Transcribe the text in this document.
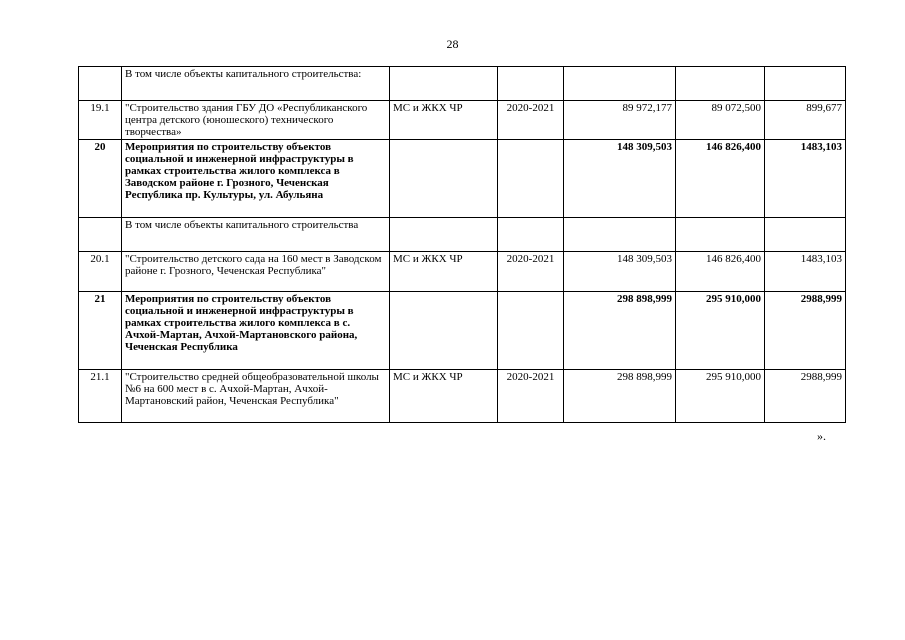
28
	В том числе объекты капитального строительства:					
19.1	"Строительство здания ГБУ ДО «Республиканского центра детского (юношеского) технического творчества»	МС и ЖКХ ЧР	2020-2021	89 972,177	89 072,500	899,677
20	Мероприятия по строительству объектов социальной и инженерной инфраструктуры в рамках строительства жилого комплекса в Заводском районе г. Грозного, Чеченская Республика пр. Культуры, ул. Абульяна			148 309,503	146 826,400	1483,103
	В том числе объекты капитального строительства					
20.1	"Строительство детского сада на 160 мест в Заводском районе г. Грозного, Чеченская Республика"	МС и ЖКХ ЧР	2020-2021	148 309,503	146 826,400	1483,103
21	Мероприятия по строительству объектов социальной и инженерной инфраструктуры в рамках строительства жилого комплекса в с. Ачхой-Мартан, Ачхой-Мартановского района, Чеченская Республика			298 898,999	295 910,000	2988,999
21.1	"Строительство средней общеобразовательной школы №6 на 600 мест в с. Ачхой-Мартан, Ачхой-Мартановский район, Чеченская Республика"	МС и ЖКХ ЧР	2020-2021	298 898,999	295 910,000	2988,999
».
